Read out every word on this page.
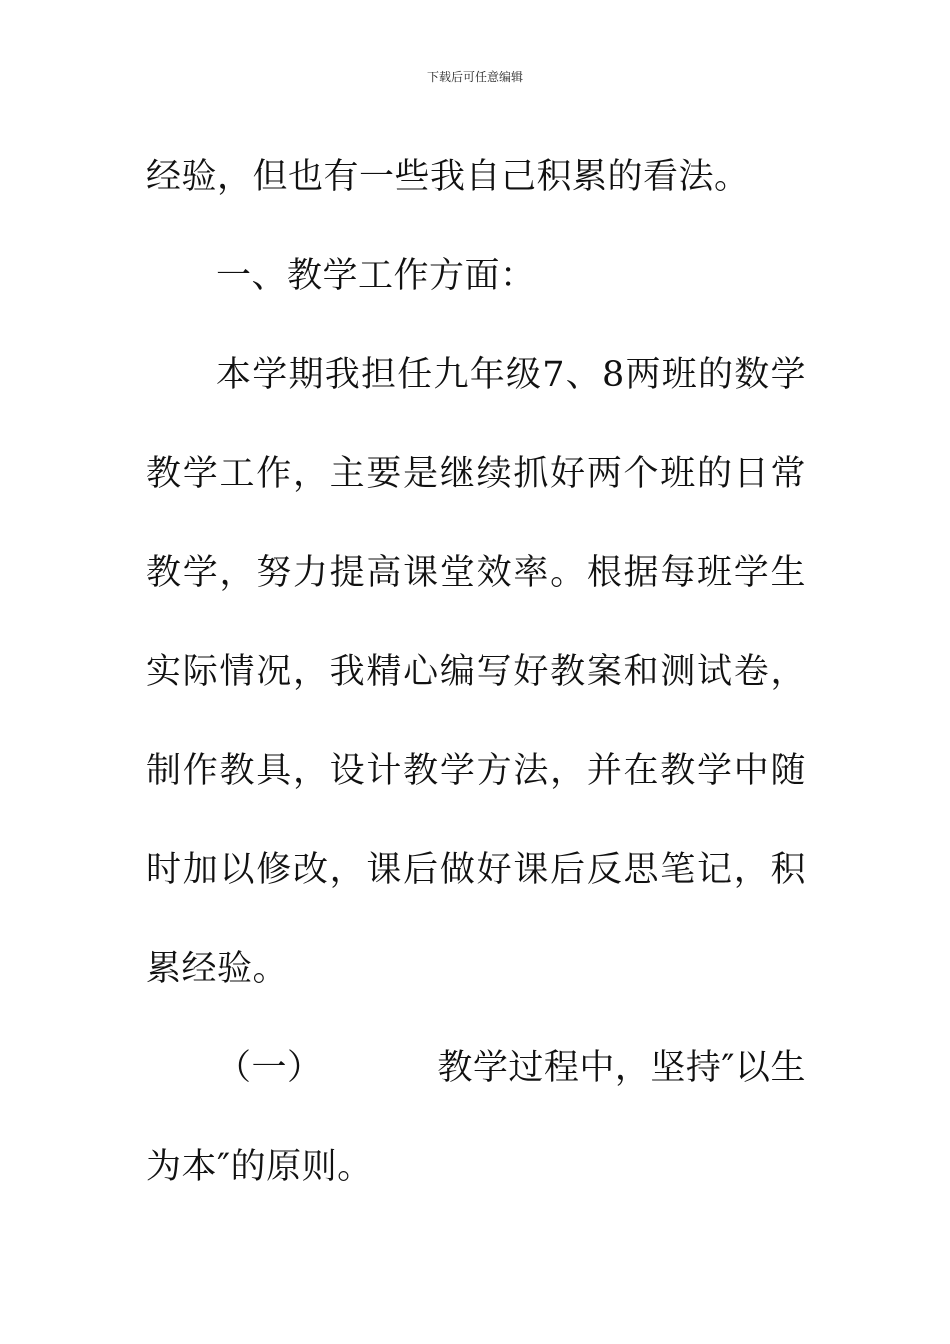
下载后可任意编辑
经验，但也有一些我自己积累的看法。
一、教学工作方面：
本学期我担任九年级7、8两班的数学
教学工作，主要是继续抓好两个班的日常
教学，努力提高课堂效率。根据每班学生
实际情况，我精心编写好教案和测试卷，
制作教具，设计教学方法，并在教学中随
时加以修改，课后做好课后反思笔记，积
累经验。
（一）	教学过程中，坚持″以生
为本″的原则。
